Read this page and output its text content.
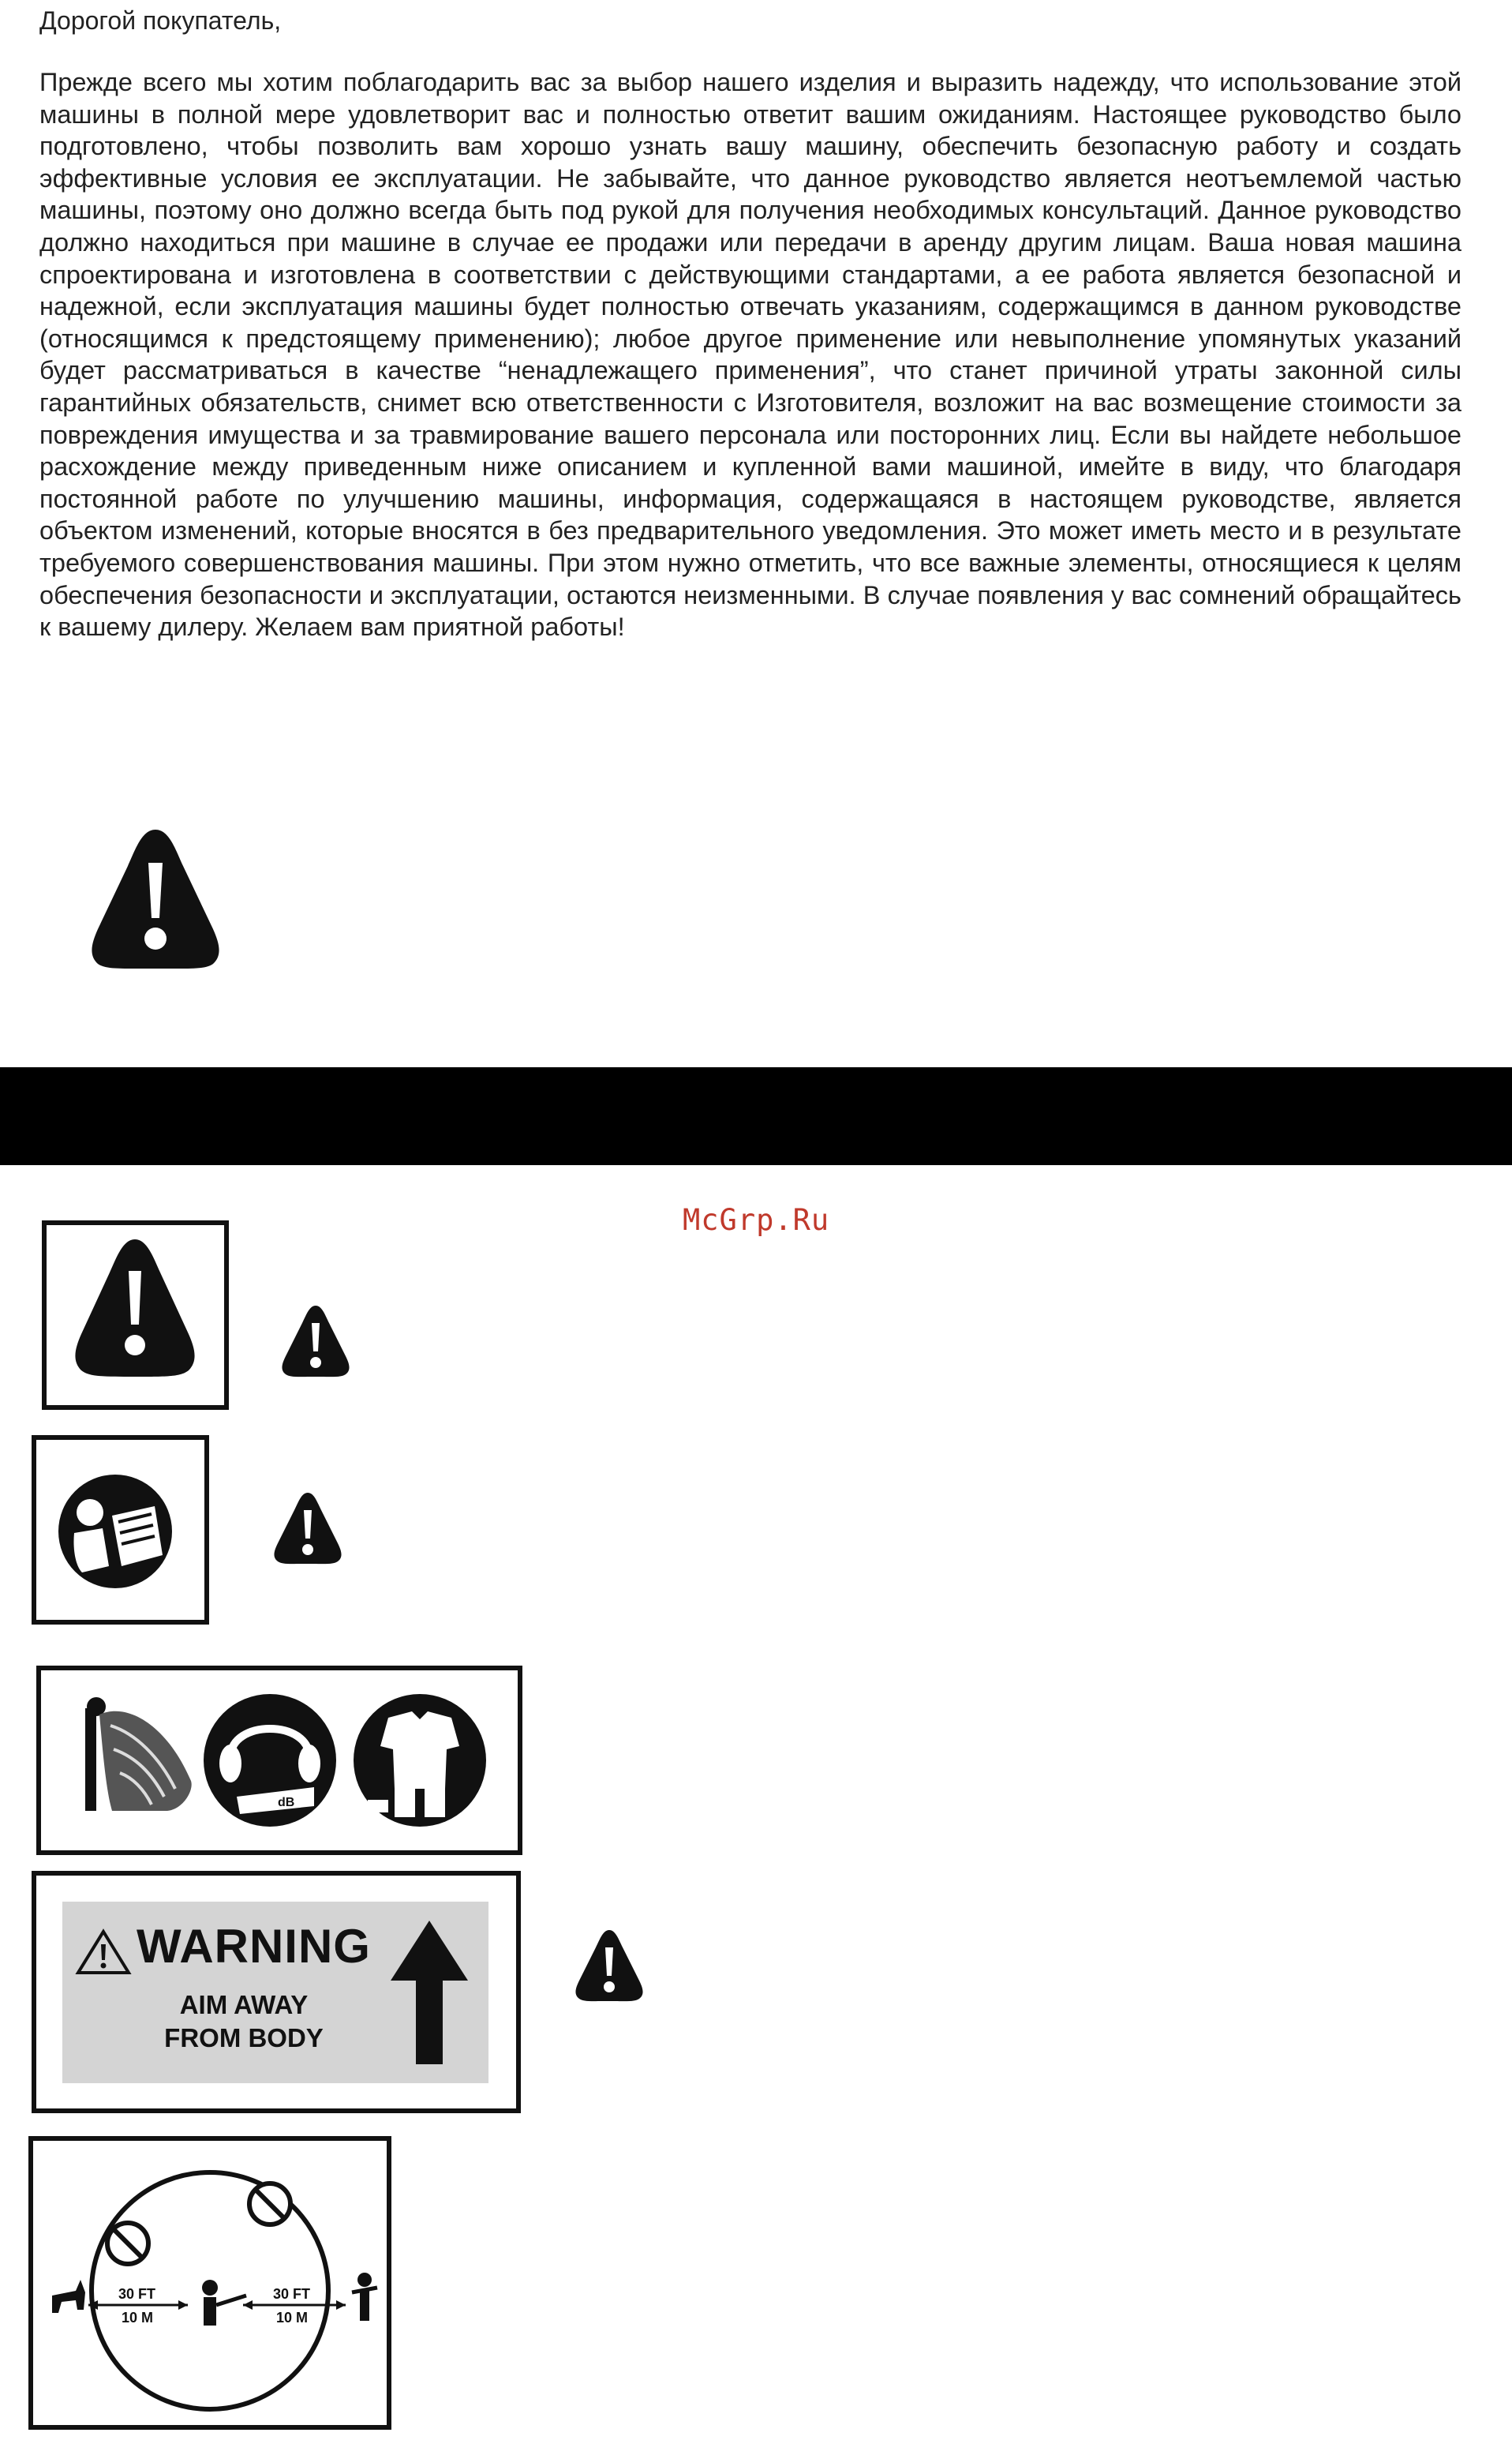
Дорогой покупатель,
Прежде всего мы хотим поблагодарить вас за выбор нашего изделия и выразить надежду, что использование этой машины в полной мере удовлетворит вас и полностью ответит вашим ожиданиям. Настоящее руководство было подготовлено, чтобы позволить вам хорошо узнать вашу машину, обеспечить безопасную работу и создать эффективные условия ее эксплуатации. Не забывайте, что данное руководство является неотъемлемой частью машины, поэтому оно должно всегда быть под рукой для получения необходимых консультаций. Данное руководство должно находиться при машине в случае ее продажи или передачи в аренду другим лицам. Ваша новая машина спроектирована и изготовлена в соответствии с действующими стандартами, а ее работа является безопасной и надежной, если эксплуатация машины будет полностью отвечать указаниям, содержащимся в данном руководстве (относящимся к предстоящему применению); любое другое применение или невыполнение упомянутых указаний будет рассматриваться в качестве “ненадлежащего применения”, что станет причиной утраты законной силы гарантийных обязательств, снимет всю ответственности с Изготовителя, возложит на вас возмещение стоимости за повреждения имущества и за травмирование вашего персонала или посторонних лиц. Если вы найдете небольшое расхождение между приведенным ниже описанием и купленной вами машиной, имейте в виду, что благодаря постоянной работе по улучшению машины, информация, содержащаяся в настоящем руководстве, является объектом изменений, которые вносятся в без предварительного уведомления. Это может иметь место и в результате требуемого совершенствования машины. При этом нужно отметить, что все важные элементы, относящиеся к целям обеспечения безопасности и эксплуатации, остаются неизменными. В случае появления у вас сомнений обращайтесь к вашему дилеру. Желаем вам приятной работы!
McGrp.Ru
dB
WARNING
AIM AWAY
FROM BODY
30 FT
10 M
30 FT
10 M
